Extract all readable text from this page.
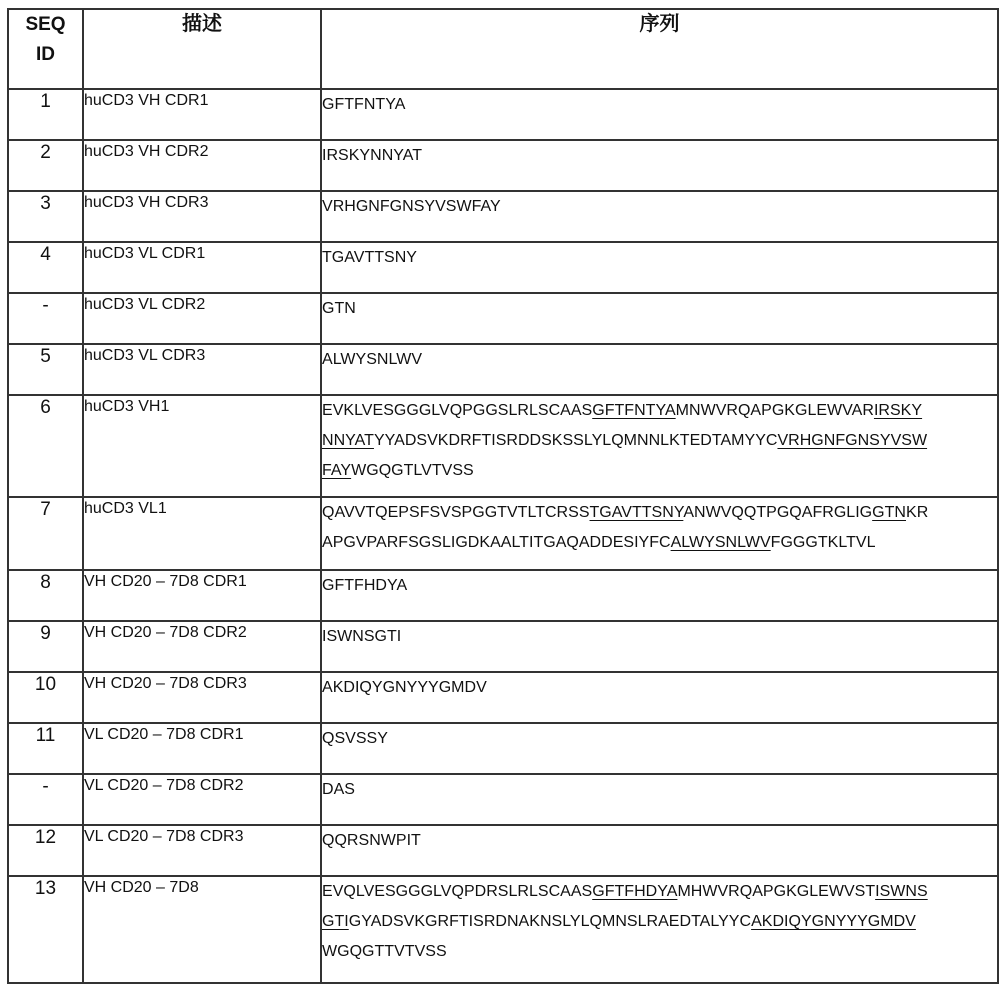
SEQ
ID	描述	序列
1	huCD3 VH CDR1	GFTFNTYA

2	huCD3 VH CDR2	IRSKYNNYAT

3	huCD3 VH CDR3	VRHGNFGNSYVSWFAY

4	huCD3 VL CDR1	TGAVTTSNY

-	huCD3 VL CDR2	GTN

5	huCD3 VL CDR3	ALWYSNLWV

6	huCD3 VH1	EVKLVESGGGLVQPGGSLRLSCAASGFTFNTYAMNWVRQAPGKGLEWVARIRSKY
NNYATYYADSVKDRFTISRDDSKSSLYLQMNNLKTEDTAMYYCVRHGNFGNSYVSW
FAYWGQGTLVTVSS

7	huCD3 VL1	QAVVTQEPSFSVSPGGTVTLTCRSSTGAVTTSNYANWVQQTPGQAFRGLIGGTNKR
APGVPARFSGSLIGDKAALTITGAQADDESIYFCALWYSNLWVFGGGTKLTVL

8	VH CD20 – 7D8 CDR1	GFTFHDYA

9	VH CD20 – 7D8 CDR2	ISWNSGTI

10	VH CD20 – 7D8 CDR3	AKDIQYGNYYYGMDV

11	VL CD20 – 7D8 CDR1	QSVSSY

-	VL CD20 – 7D8 CDR2	DAS

12	VL CD20 – 7D8 CDR3	QQRSNWPIT

13	VH CD20 – 7D8	EVQLVESGGGLVQPDRSLRLSCAASGFTFHDYAMHWVRQAPGKGLEWVSTISWNS
GTIGYADSVKGRFTISRDNAKNSLYLQMNSLRAEDTALYYCAKDIQYGNYYYGMDV
WGQGTTVTVSS
